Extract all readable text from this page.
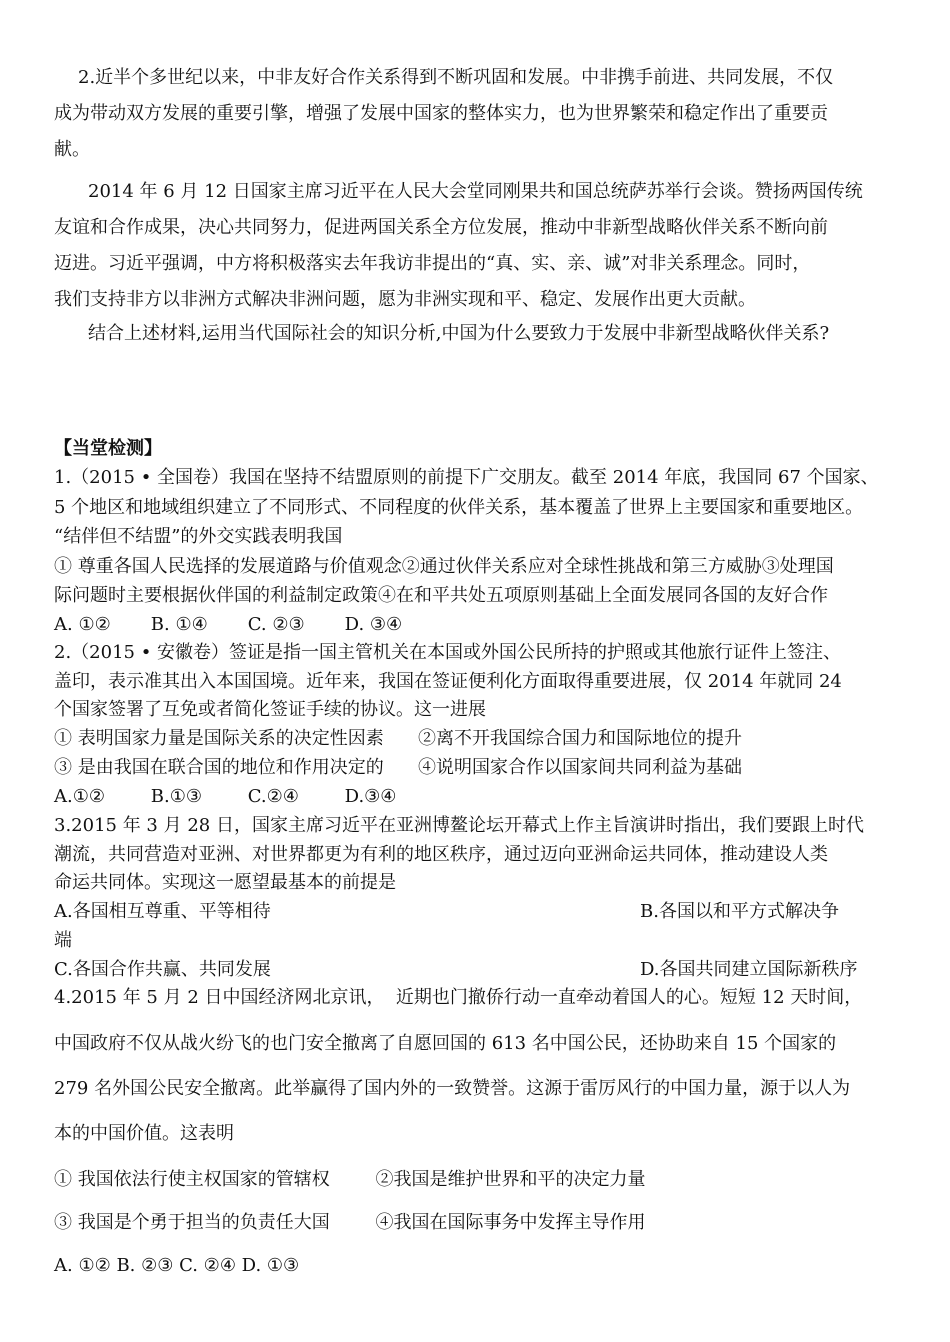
2.近半个多世纪以来，中非友好合作关系得到不断巩固和发展。中非携手前进、共同发展，不仅
成为带动双方发展的重要引擎，增强了发展中国家的整体实力，也为世界繁荣和稳定作出了重要贡
献。
2014 年 6 月 12 日国家主席习近平在人民大会堂同刚果共和国总统萨苏举行会谈。赞扬两国传统
友谊和合作成果，决心共同努力，促进两国关系全方位发展，推动中非新型战略伙伴关系不断向前
迈进。习近平强调，中方将积极落实去年我访非提出的“真、实、亲、诚”对非关系理念。同时，
我们支持非方以非洲方式解决非洲问题，愿为非洲实现和平、稳定、发展作出更大贡献。
结合上述材料,运用当代国际社会的知识分析,中国为什么要致力于发展中非新型战略伙伴关系?
【当堂检测】
1.（2015 • 全国卷）我国在坚持不结盟原则的前提下广交朋友。截至 2014 年底，我国同 67 个国家、
5 个地区和地域组织建立了不同形式、不同程度的伙伴关系，基本覆盖了世界上主要国家和重要地区。
“结伴但不结盟”的外交实践表明我国
① 尊重各国人民选择的发展道路与价值观念②通过伙伴关系应对全球性挑战和第三方威胁③处理国
际问题时主要根据伙伴国的利益制定政策④在和平共处五项原则基础上全面发展同各国的友好合作
A. ①②       B. ①④       C. ②③       D. ③④
2.（2015 • 安徽卷）签证是指一国主管机关在本国或外国公民所持的护照或其他旅行证件上签注、
盖印，表示准其出入本国国境。近年来，我国在签证便利化方面取得重要进展，仅 2014 年就同 24
个国家签署了互免或者简化签证手续的协议。这一进展
① 表明国家力量是国际关系的决定性因素      ②离不开我国综合国力和国际地位的提升
③ 是由我国在联合国的地位和作用决定的      ④说明国家合作以国家间共同利益为基础
A.①②        B.①③        C.②④        D.③④
3.2015 年 3 月 28 日，国家主席习近平在亚洲博鳌论坛开幕式上作主旨演讲时指出，我们要跟上时代
潮流，共同营造对亚洲、对世界都更为有利的地区秩序，通过迈向亚洲命运共同体，推动建设人类
命运共同体。实现这一愿望最基本的前提是
A.各国相互尊重、平等相待	B.各国以和平方式解决争
端
C.各国合作共赢、共同发展	D.各国共同建立国际新秩序
4.2015 年 5 月 2 日中国经济网北京讯，  近期也门撤侨行动一直牵动着国人的心。短短 12 天时间，
中国政府不仅从战火纷飞的也门安全撤离了自愿回国的 613 名中国公民，还协助来自 15 个国家的
279 名外国公民安全撤离。此举赢得了国内外的一致赞誉。这源于雷厉风行的中国力量，源于以人为
本的中国价值。这表明
① 我国依法行使主权国家的管辖权        ②我国是维护世界和平的决定力量
③ 我国是个勇于担当的负责任大国        ④我国在国际事务中发挥主导作用
A. ①② B. ②③ C. ②④ D. ①③
